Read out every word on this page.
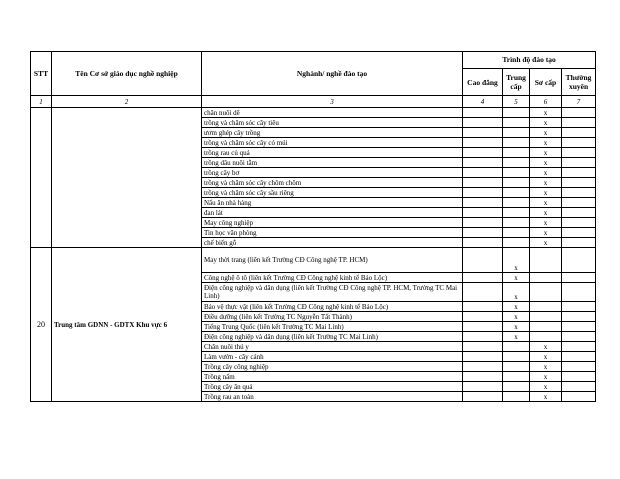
STT	Tên Cơ sở giáo dục nghề nghiệp	Nghành/ nghề đào tạo	Trình độ đào tạo			
			Cao đẳng	Trung cấp	Sơ cấp	Thường xuyên
1	2	3	4	5	6	7
		chăn nuôi dê			x	
		trồng và chăm sóc cây tiêu			x	
		ươm ghép cây trồng			x	
		trồng và chăm sóc cây có múi			x	
		trồng rau củ quả			x	
		trồng dâu nuôi tằm			x	
		trồng cây bơ			x	
		trồng và chăm sóc cây chôm chôm			x	
		trồng và chăm sóc cây sầu riêng			x	
		Nấu ăn nhà hàng			x	
		đan lát			x	
		May công nghiệp			x	
		Tin học văn phòng			x	
		chế biến gỗ			x	
20	Trung tâm GDNN - GDTX Khu vực 6	May thời trang (liên kết Trường CĐ Công nghệ TP. HCM)		x		
		Công nghệ ô tô (liên kết Trường CĐ Công nghệ kinh tế Bảo Lộc)		x		
		Điện công nghiệp và dân dụng (liên kết Trường CĐ Công nghệ TP. HCM, Trường TC Mai Linh)		x		
		Bảo vệ thực vật (liên kết Trường CĐ Công nghệ kinh tế Bảo Lộc)		x		
		Điều dưỡng (liên kết Trường TC Nguyễn Tất Thành)		x		
		Tiếng Trung Quốc (liên kết Trường TC Mai Linh)		x		
		Điện công nghiệp và dân dụng (liên kết Trường TC Mai Linh)		x		
		Chăn nuôi thú y			x	
		Làm vườn - cây cảnh			x	
		Trồng cây công nghiệp			x	
		Trồng nấm			x	
		Trồng cây ăn quả			x	
		Trồng rau an toàn			x	
